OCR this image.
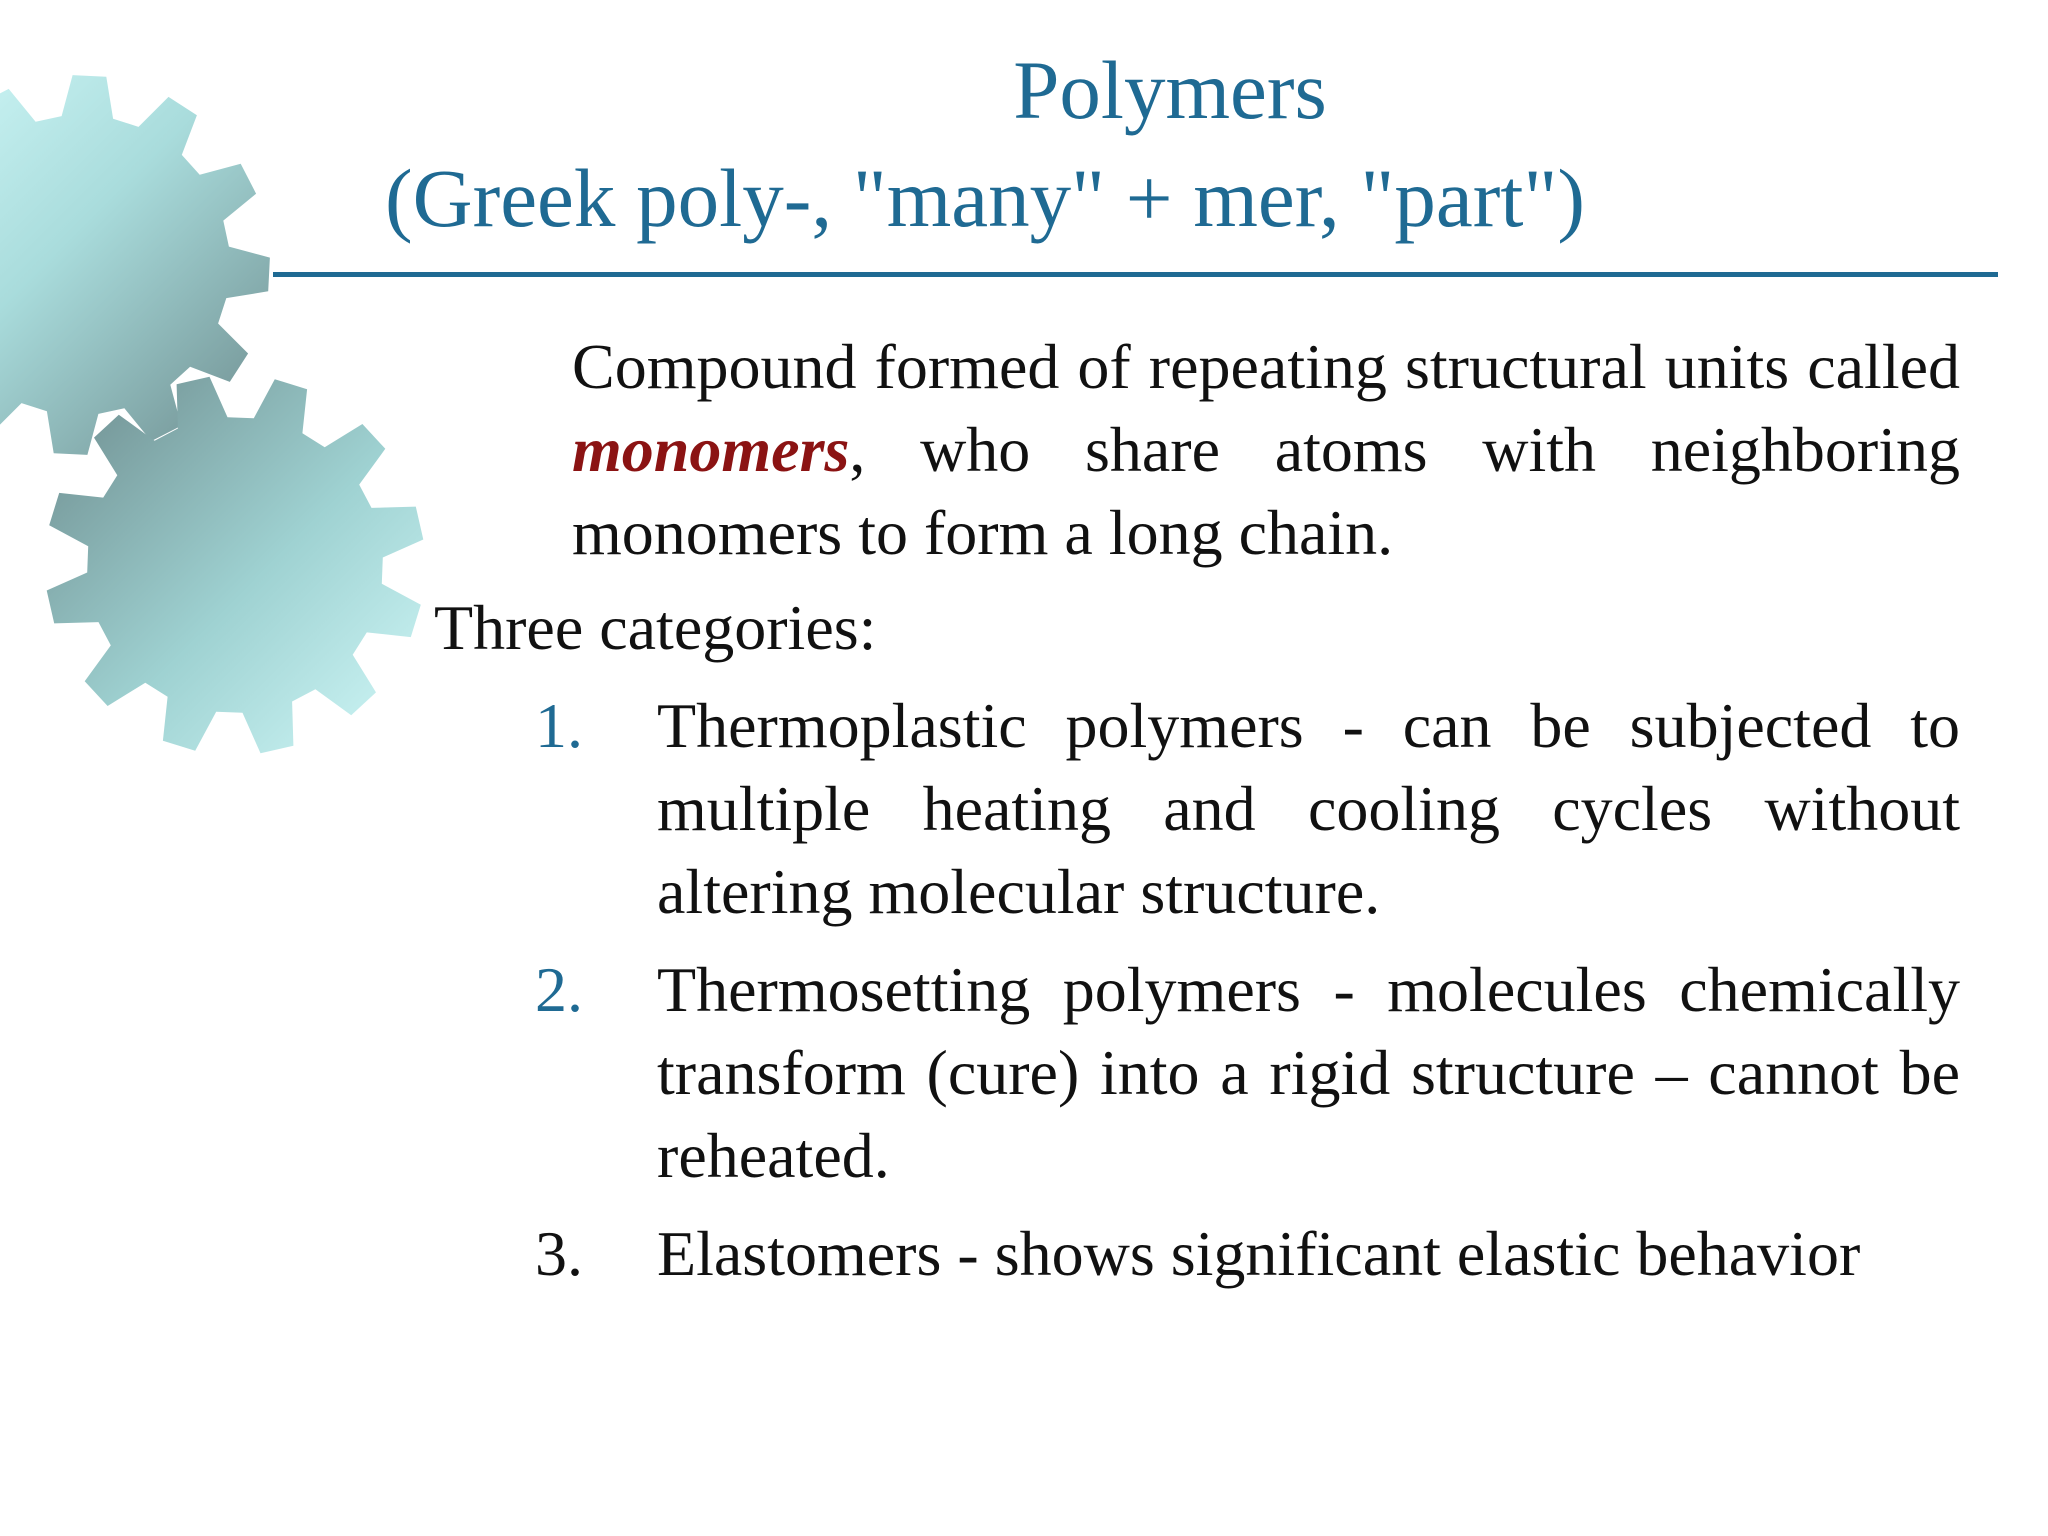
Polymers
(Greek poly-, "many" + mer, "part")
Compound formed of repeating structural units called monomers, who share atoms with neighboring monomers to form a long chain.
Three categories:
1.	Thermoplastic polymers - can be subjected to multiple heating and cooling cycles without altering molecular structure.
2.	Thermosetting polymers - molecules chemically transform (cure) into a rigid structure – cannot be reheated.
3.	Elastomers - shows significant elastic behavior
